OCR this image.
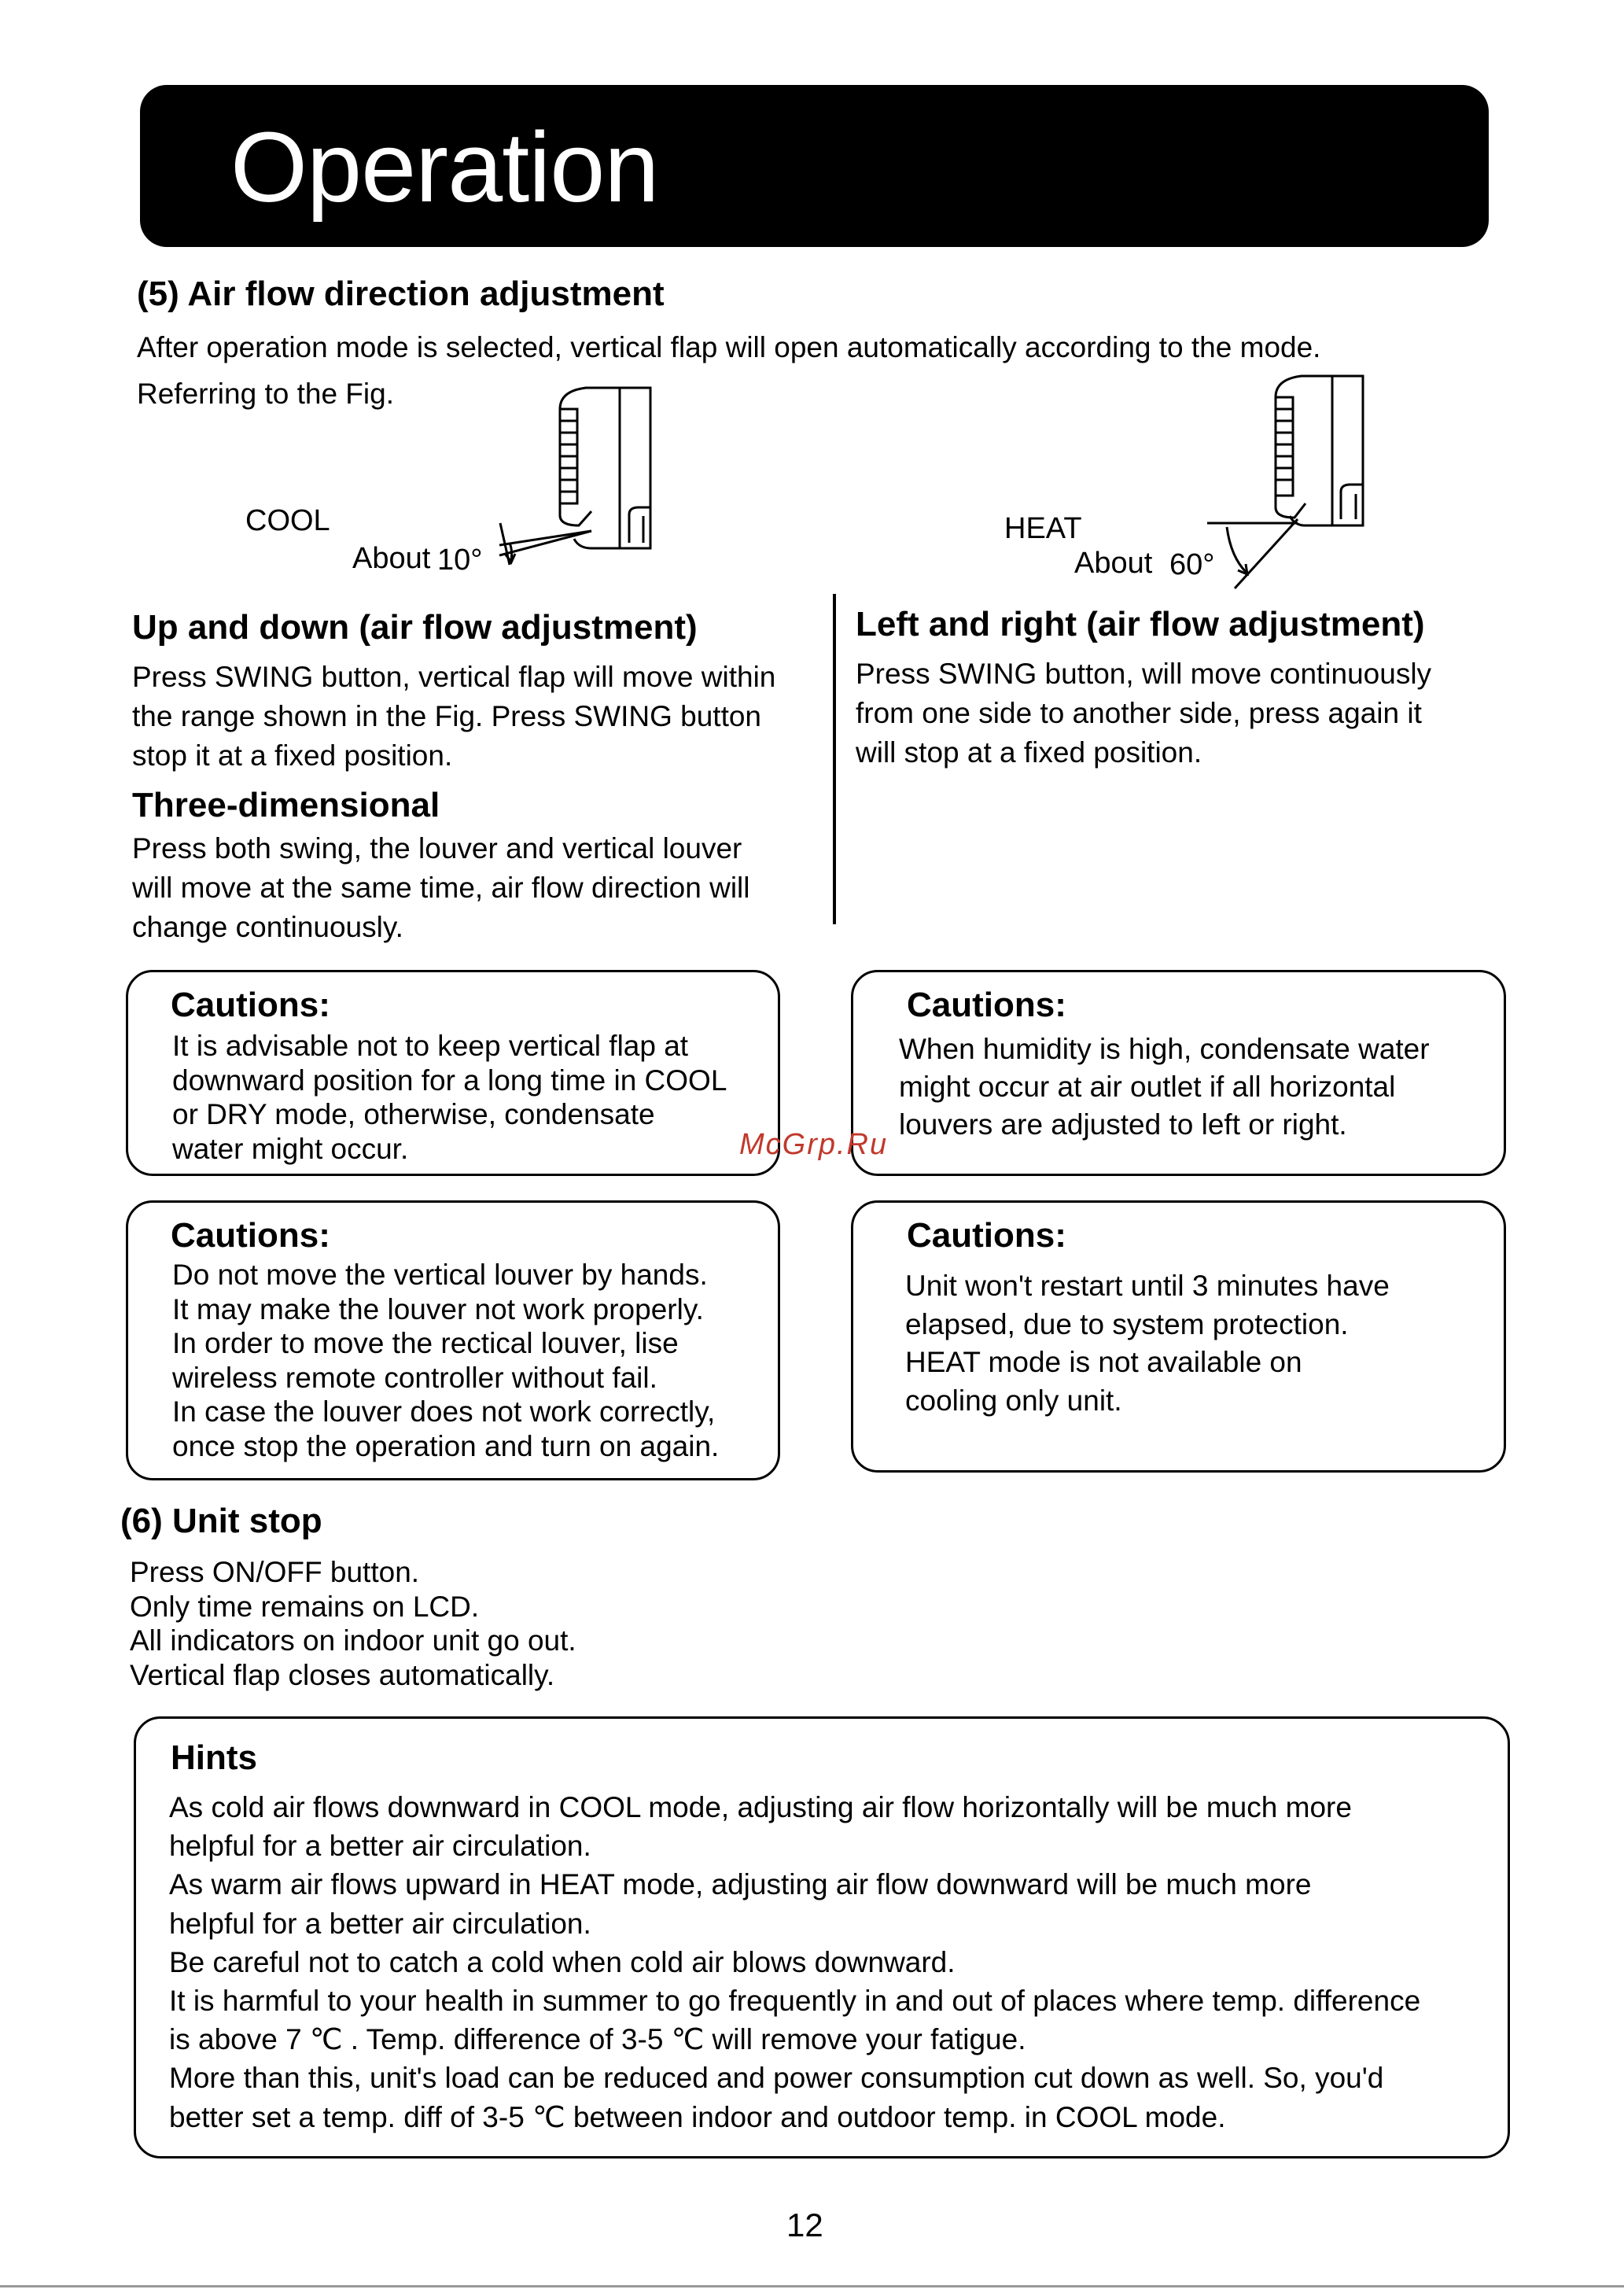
Operation
(5) Air flow direction adjustment
After operation mode is selected, vertical flap will open automatically according to the mode.
Referring to the Fig.
COOL
About 10°
HEAT
About 60°
Up and down (air flow adjustment)

Press SWING button, vertical flap will move within

the range shown in the Fig. Press SWING button

stop it at a fixed position.

Three-dimensional

Press both swing, the louver and vertical louver

will move at the same time, air flow direction will

change continuously.

Left and right (air flow adjustment)

Press SWING button, will move continuously

from one side to another side, press again it

will stop at a fixed position.

Cautions:

It is advisable not to keep vertical flap at

downward position for a long time in COOL

or DRY mode, otherwise, condensate

water might occur.

Cautions:

When humidity is high, condensate water

might occur at air outlet if all horizontal

louvers are adjusted to left or right.

McGrp.Ru
Cautions:

Do not move the vertical louver by hands.

It may make the louver not work properly.

In order to move the rectical louver, lise

wireless remote controller without fail.

In case the louver does not work correctly,

once stop the operation and turn on again.

Cautions:

Unit won't restart until 3 minutes have

elapsed, due to system protection.

HEAT mode is not available on

cooling only unit.

(6) Unit stop

Press ON/OFF button.

Only time remains on LCD.

All indicators on indoor unit go out.

Vertical flap closes automatically.

Hints

As cold air flows downward in COOL mode, adjusting air flow horizontally will be much more

helpful for a better air circulation.

As warm air flows upward in HEAT mode, adjusting air flow downward will be much more

helpful for a better air circulation.

Be careful not to catch a cold when cold air blows downward.

It is harmful to your health in summer to go frequently in and out of places where temp. difference

is above 7 ℃ . Temp. difference of 3-5 ℃ will remove your fatigue.

More than this, unit's load can be reduced and power consumption cut down as well. So, you'd

better set a temp. diff of 3-5 ℃ between indoor and outdoor temp. in COOL mode.

12
